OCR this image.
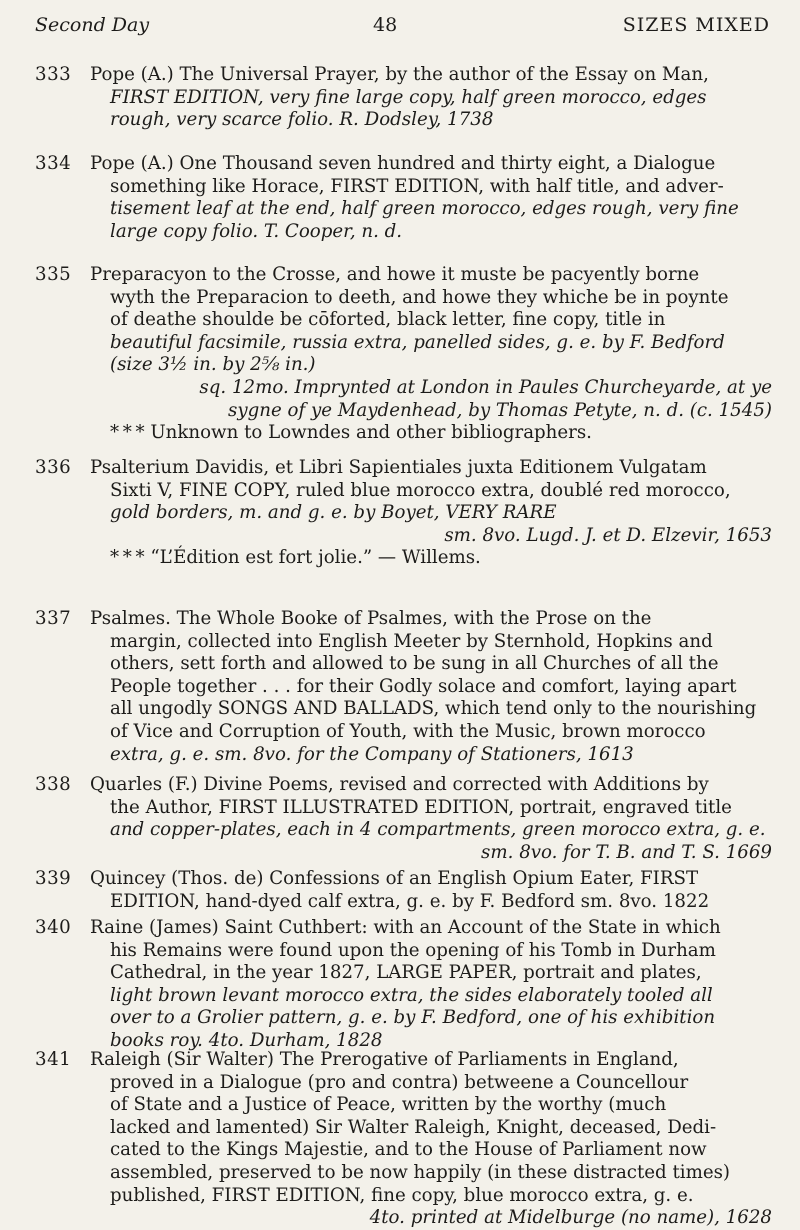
Second Day	48	SIZES MIXED
333	Pope (A.) The Universal Prayer, by the author of the Essay on Man,
FIRST EDITION, very fine large copy, half green morocco, edges
rough, very scarce folio. R. Dodsley, 1738
334	Pope (A.) One Thousand seven hundred and thirty eight, a Dialogue
something like Horace, FIRST EDITION, with half title, and adver-
tisement leaf at the end, half green morocco, edges rough, very fine
large copy folio. T. Cooper, n. d.
335	Preparacyon to the Crosse, and howe it muste be pacyently borne
wyth the Preparacion to deeth, and howe they whiche be in poynte
of deathe shoulde be cōforted, black letter, fine copy, title in
beautiful facsimile, russia extra, panelled sides, g. e. by F. Bedford
(size 3½ in. by 2⅝ in.)
sq. 12mo. Imprynted at London in Paules Churcheyarde, at ye
sygne of ye Maydenhead, by Thomas Petyte, n. d. (c. 1545)
* * * Unknown to Lowndes and other bibliographers.
336	Psalterium Davidis, et Libri Sapientiales juxta Editionem Vulgatam
Sixti V, FINE COPY, ruled blue morocco extra, doublé red morocco,
gold borders, m. and g. e. by Boyet, VERY RARE
sm. 8vo. Lugd. J. et D. Elzevir, 1653
* * * “L’Édition est fort jolie.” — Willems.
337	Psalmes. The Whole Booke of Psalmes, with the Prose on the
margin, collected into English Meeter by Sternhold, Hopkins and
others, sett forth and allowed to be sung in all Churches of all the
People together . . . for their Godly solace and comfort, laying apart
all ungodly SONGS AND BALLADS, which tend only to the nourishing
of Vice and Corruption of Youth, with the Music, brown morocco
extra, g. e. sm. 8vo. for the Company of Stationers, 1613
338	Quarles (F.) Divine Poems, revised and corrected with Additions by
the Author, FIRST ILLUSTRATED EDITION, portrait, engraved title
and copper-plates, each in 4 compartments, green morocco extra, g. e.
sm. 8vo. for T. B. and T. S. 1669
339	Quincey (Thos. de) Confessions of an English Opium Eater, FIRST
EDITION, hand-dyed calf extra, g. e. by F. Bedford sm. 8vo. 1822
340	Raine (James) Saint Cuthbert: with an Account of the State in which
his Remains were found upon the opening of his Tomb in Durham
Cathedral, in the year 1827, LARGE PAPER, portrait and plates,
light brown levant morocco extra, the sides elaborately tooled all
over to a Grolier pattern, g. e. by F. Bedford, one of his exhibition
books roy. 4to. Durham, 1828
341	Raleigh (Sir Walter) The Prerogative of Parliaments in England,
proved in a Dialogue (pro and contra) betweene a Councellour
of State and a Justice of Peace, written by the worthy (much
lacked and lamented) Sir Walter Raleigh, Knight, deceased, Dedi-
cated to the Kings Majestie, and to the House of Parliament now
assembled, preserved to be now happily (in these distracted times)
published, FIRST EDITION, fine copy, blue morocco extra, g. e.
4to. printed at Midelburge (no name), 1628
